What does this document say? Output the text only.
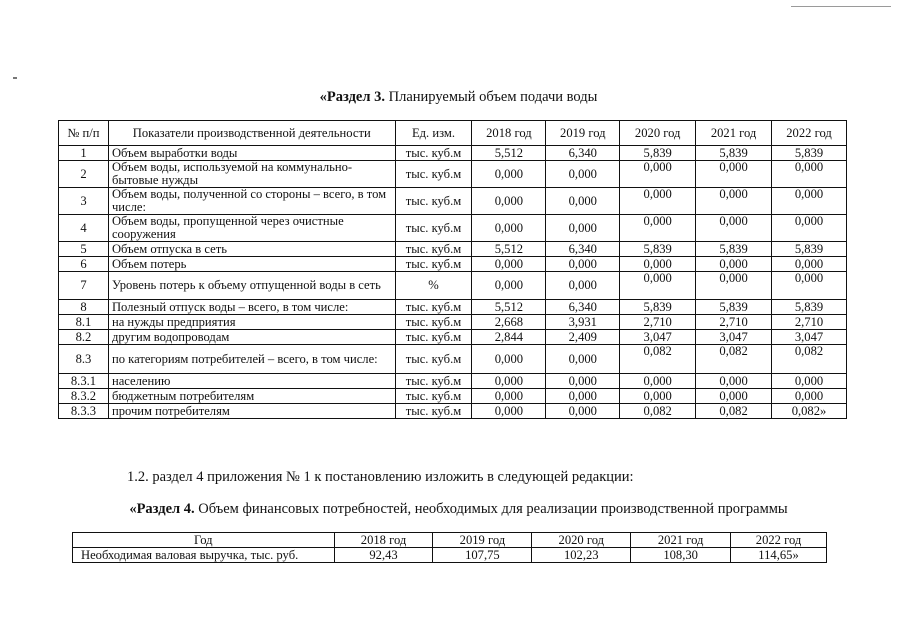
«Раздел 3. Планируемый объем подачи воды
№ п/п	Показатели производственной деятельности	Ед. изм.	2018 год	2019 год	2020 год	2021 год	2022 год
1	Объем выработки воды	тыс. куб.м	5,512	6,340	5,839	5,839	5,839
2	Объем воды, используемой на коммунально-бытовые нужды	тыс. куб.м	0,000	0,000	0,000	0,000	0,000
3	Объем воды, полученной со стороны – всего, в том числе:	тыс. куб.м	0,000	0,000	0,000	0,000	0,000
4	Объем воды, пропущенной через очистные сооружения	тыс. куб.м	0,000	0,000	0,000	0,000	0,000
5	Объем отпуска в сеть	тыс. куб.м	5,512	6,340	5,839	5,839	5,839
6	Объем потерь	тыс. куб.м	0,000	0,000	0,000	0,000	0,000
7	Уровень потерь к объему отпущенной воды в сеть	%	0,000	0,000	0,000	0,000	0,000
8	Полезный отпуск воды – всего, в том числе:	тыс. куб.м	5,512	6,340	5,839	5,839	5,839
8.1	на нужды предприятия	тыс. куб.м	2,668	3,931	2,710	2,710	2,710
8.2	другим водопроводам	тыс. куб.м	2,844	2,409	3,047	3,047	3,047
8.3	по категориям потребителей – всего, в том числе:	тыс. куб.м	0,000	0,000	0,082	0,082	0,082
8.3.1	населению	тыс. куб.м	0,000	0,000	0,000	0,000	0,000
8.3.2	бюджетным потребителям	тыс. куб.м	0,000	0,000	0,000	0,000	0,000
8.3.3	прочим потребителям	тыс. куб.м	0,000	0,000	0,082	0,082	0,082»
1.2. раздел 4 приложения № 1 к постановлению изложить в следующей редакции:
«Раздел 4. Объем финансовых потребностей, необходимых для реализации производственной программы
Год	2018 год	2019 год	2020 год	2021 год	2022 год
Необходимая валовая выручка, тыс. руб.	92,43	107,75	102,23	108,30	114,65»
